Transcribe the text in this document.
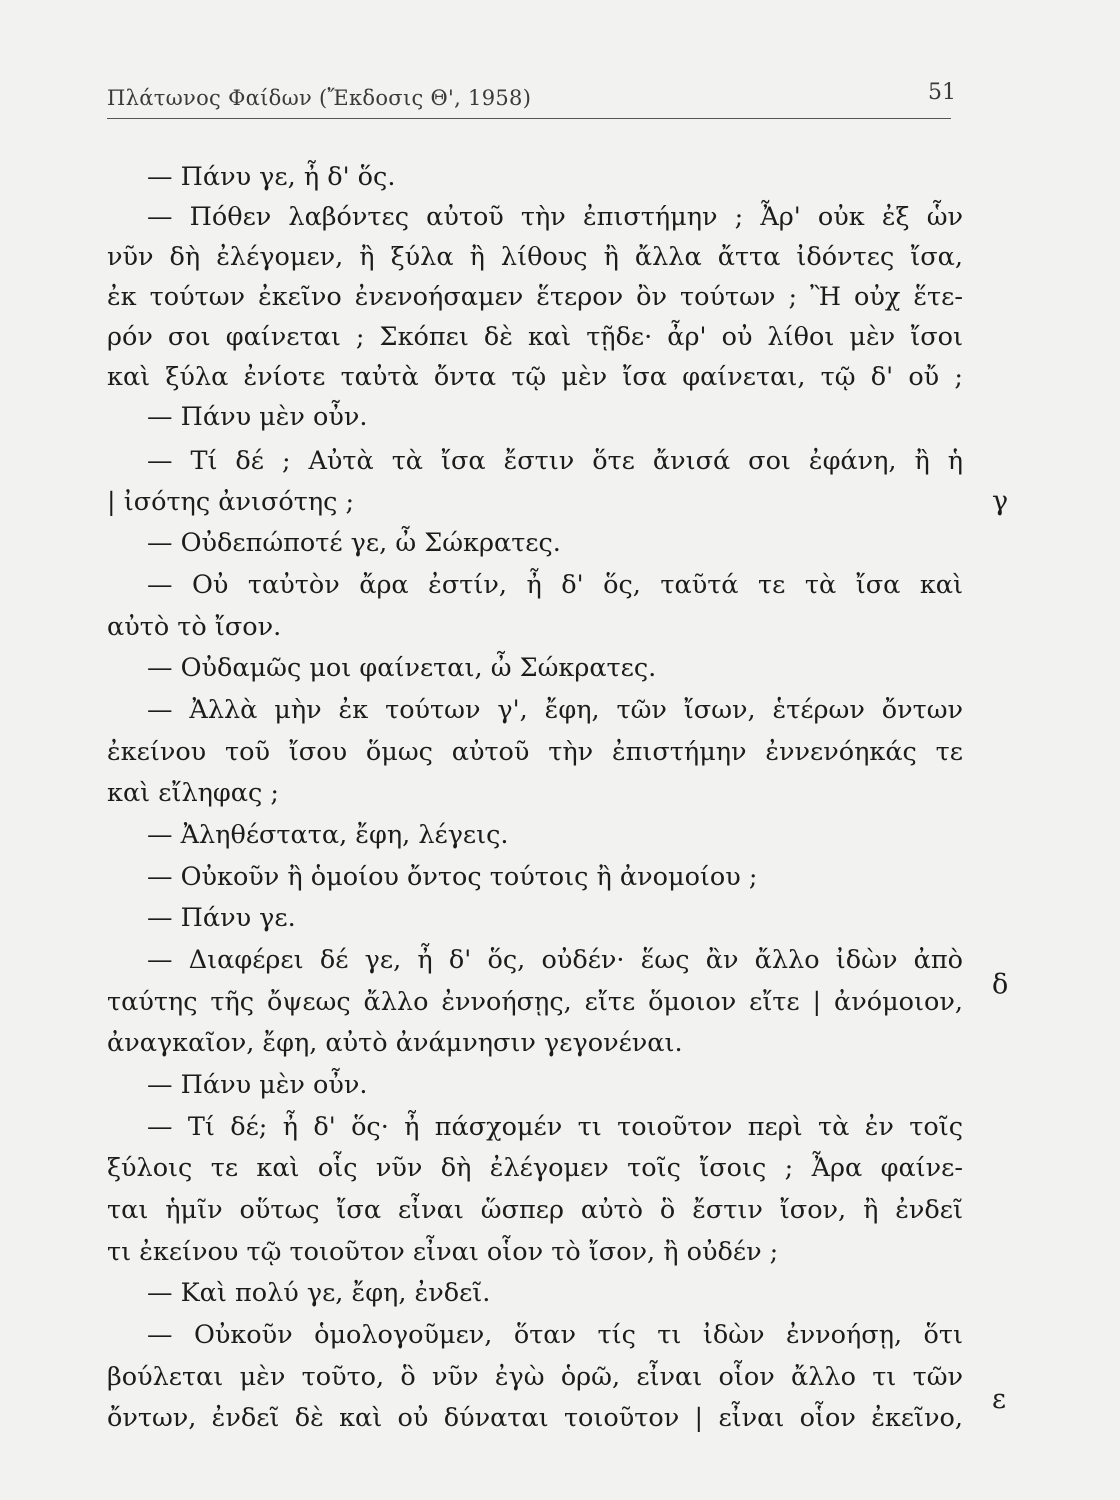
Πλάτωνος Φαίδων (Ἔκδοσις Θ', 1958)	51
— Πάνυ γε, ἦ δ' ὅς.
— Πόθεν λαβόντες αὐτοῦ τὴν ἐπιστήμην ; Ἆρ' οὐκ ἐξ ὧν
νῦν δὴ ἐλέγομεν, ἢ ξύλα ἢ λίθους ἢ ἄλλα ἄττα ἰδόντες ἴσα,
ἐκ τούτων ἐκεῖνο ἐνενοήσαμεν ἕτερον ὂν τούτων ; Ἢ οὐχ ἕτε-
ρόν σοι φαίνεται ; Σκόπει δὲ καὶ τῇδε· ἆρ' οὐ λίθοι μὲν ἴσοι
καὶ ξύλα ἐνίοτε ταὐτὰ ὄντα τῷ μὲν ἴσα φαίνεται, τῷ δ' οὔ ;
— Πάνυ μὲν οὖν.
— Τί δέ ; Αὐτὰ τὰ ἴσα ἔστιν ὅτε ἄνισά σοι ἐφάνη, ἢ ἡ
| ἰσότης ἀνισότης ;	γ
— Οὐδεπώποτέ γε, ὦ Σώκρατες.
— Οὐ ταὐτὸν ἄρα ἐστίν, ἦ δ' ὅς, ταῦτά τε τὰ ἴσα καὶ
αὐτὸ τὸ ἴσον.
— Οὐδαμῶς μοι φαίνεται, ὦ Σώκρατες.
— Ἀλλὰ μὴν ἐκ τούτων γ', ἔφη, τῶν ἴσων, ἑτέρων ὄντων
ἐκείνου τοῦ ἴσου ὅμως αὐτοῦ τὴν ἐπιστήμην ἐννενόηκάς τε
καὶ εἴληφας ;
— Ἀληθέστατα, ἔφη, λέγεις.
— Οὐκοῦν ἢ ὁμοίου ὄντος τούτοις ἢ ἀνομοίου ;
— Πάνυ γε.
— Διαφέρει δέ γε, ἦ δ' ὅς, οὐδέν· ἕως ἂν ἄλλο ἰδὼν ἀπὸ
ταύτης τῆς ὄψεως ἄλλο ἐννοήσῃς, εἴτε ὅμοιον εἴτε | ἀνόμοιον,
δ
ἀναγκαῖον, ἔφη, αὐτὸ ἀνάμνησιν γεγονέναι.
— Πάνυ μὲν οὖν.
— Τί δέ; ἦ δ' ὅς· ἦ πάσχομέν τι τοιοῦτον περὶ τὰ ἐν τοῖς
ξύλοις τε καὶ οἷς νῦν δὴ ἐλέγομεν τοῖς ἴσοις ; Ἆρα φαίνε-
ται ἡμῖν οὕτως ἴσα εἶναι ὥσπερ αὐτὸ ὃ ἔστιν ἴσον, ἢ ἐνδεῖ
τι ἐκείνου τῷ τοιοῦτον εἶναι οἷον τὸ ἴσον, ἢ οὐδέν ;
— Καὶ πολύ γε, ἔφη, ἐνδεῖ.
— Οὐκοῦν ὁμολογοῦμεν, ὅταν τίς τι ἰδὼν ἐννοήσῃ, ὅτι
βούλεται μὲν τοῦτο, ὃ νῦν ἐγὼ ὁρῶ, εἶναι οἷον ἄλλο τι τῶν
ὄντων, ἐνδεῖ δὲ καὶ οὐ δύναται τοιοῦτον | εἶναι οἷον ἐκεῖνο,
ε
